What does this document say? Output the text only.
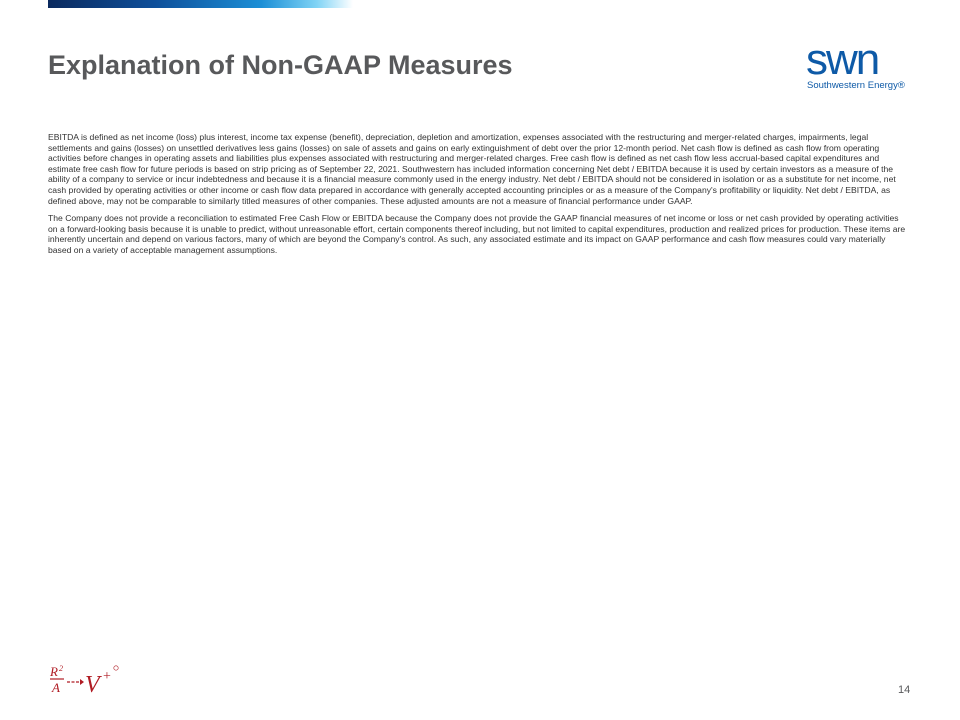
Explanation of Non-GAAP Measures	swn
Southwestern Energy®

EBITDA is defined as net income (loss) plus interest, income tax expense (benefit), depreciation, depletion and amortization, expenses associated with the restructuring and merger-related charges, impairments, legal settlements and gains (losses) on unsettled derivatives less gains (losses) on sale of assets and gains on early extinguishment of debt over the prior 12-month period. Net cash flow is defined as cash flow from operating activities before changes in operating assets and liabilities plus expenses associated with restructuring and merger-related charges. Free cash flow is defined as net cash flow less accrual-based capital expenditures and estimate free cash flow for future periods is based on strip pricing as of September 22, 2021. Southwestern has included information concerning Net debt / EBITDA because it is used by certain investors as a measure of the ability of a company to service or incur indebtedness and because it is a financial measure commonly used in the energy industry. Net debt / EBITDA should not be considered in isolation or as a substitute for net income, net cash provided by operating activities or other income or cash flow data prepared in accordance with generally accepted accounting principles or as a measure of the Company's profitability or liquidity. Net debt / EBITDA, as defined above, may not be comparable to similarly titled measures of other companies. These adjusted amounts are not a measure of financial performance under GAAP.

The Company does not provide a reconciliation to estimated Free Cash Flow or EBITDA because the Company does not provide the GAAP financial measures of net income or loss or net cash provided by operating activities on a forward-looking basis because it is unable to predict, without unreasonable effort, certain components thereof including, but not limited to capital expenditures, production and realized prices for production. These items are inherently uncertain and depend on various factors, many of which are beyond the Company's control. As such, any associated estimate and its impact on GAAP performance and cash flow measures could vary materially based on a variety of acceptable management assumptions.

R 2
A V +
14
